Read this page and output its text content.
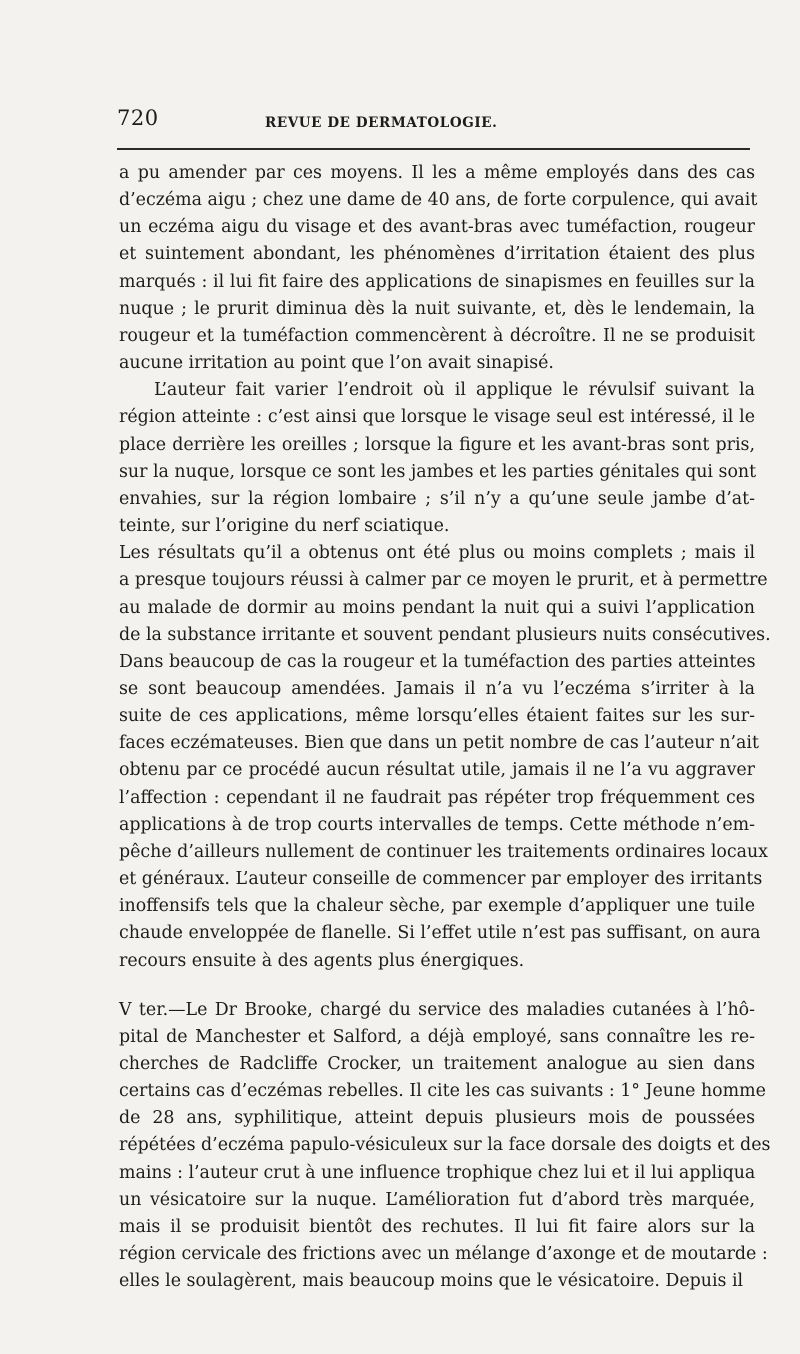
720	REVUE DE DERMATOLOGIE.

a pu amender par ces moyens. Il les a même employés dans des cas
d’eczéma aigu ; chez une dame de 40 ans, de forte corpulence, qui avait
un eczéma aigu du visage et des avant-bras avec tuméfaction, rougeur
et suintement abondant, les phénomènes d’irritation étaient des plus
marqués : il lui fit faire des applications de sinapismes en feuilles sur la
nuque ; le prurit diminua dès la nuit suivante, et, dès le lendemain, la
rougeur et la tuméfaction commencèrent à décroître. Il ne se produisit
aucune irritation au point que l’on avait sinapisé.

L’auteur fait varier l’endroit où il applique le révulsif suivant la
région atteinte : c’est ainsi que lorsque le visage seul est intéressé, il le
place derrière les oreilles ; lorsque la figure et les avant-bras sont pris,
sur la nuque, lorsque ce sont les jambes et les parties génitales qui sont
envahies, sur la région lombaire ; s’il n’y a qu’une seule jambe d’at-
teinte, sur l’origine du nerf sciatique.

Les résultats qu’il a obtenus ont été plus ou moins complets ; mais il
a presque toujours réussi à calmer par ce moyen le prurit, et à permettre
au malade de dormir au moins pendant la nuit qui a suivi l’application
de la substance irritante et souvent pendant plusieurs nuits consécutives.
Dans beaucoup de cas la rougeur et la tuméfaction des parties atteintes
se sont beaucoup amendées. Jamais il n’a vu l’eczéma s’irriter à la
suite de ces applications, même lorsqu’elles étaient faites sur les sur-
faces eczémateuses. Bien que dans un petit nombre de cas l’auteur n’ait
obtenu par ce procédé aucun résultat utile, jamais il ne l’a vu aggraver
l’affection : cependant il ne faudrait pas répéter trop fréquemment ces
applications à de trop courts intervalles de temps. Cette méthode n’em-
pêche d’ailleurs nullement de continuer les traitements ordinaires locaux
et généraux. L’auteur conseille de commencer par employer des irritants
inoffensifs tels que la chaleur sèche, par exemple d’appliquer une tuile
chaude enveloppée de flanelle. Si l’effet utile n’est pas suffisant, on aura
recours ensuite à des agents plus énergiques.

V ter.—Le Dr Brooke, chargé du service des maladies cutanées à l’hô-
pital de Manchester et Salford, a déjà employé, sans connaître les re-
cherches de Radcliffe Crocker, un traitement analogue au sien dans
certains cas d’eczémas rebelles. Il cite les cas suivants : 1° Jeune homme
de 28 ans, syphilitique, atteint depuis plusieurs mois de poussées
répétées d’eczéma papulo-vésiculeux sur la face dorsale des doigts et des
mains : l’auteur crut à une influence trophique chez lui et il lui appliqua
un vésicatoire sur la nuque. L’amélioration fut d’abord très marquée,
mais il se produisit bientôt des rechutes. Il lui fit faire alors sur la
région cervicale des frictions avec un mélange d’axonge et de moutarde :
elles le soulagèrent, mais beaucoup moins que le vésicatoire. Depuis il
